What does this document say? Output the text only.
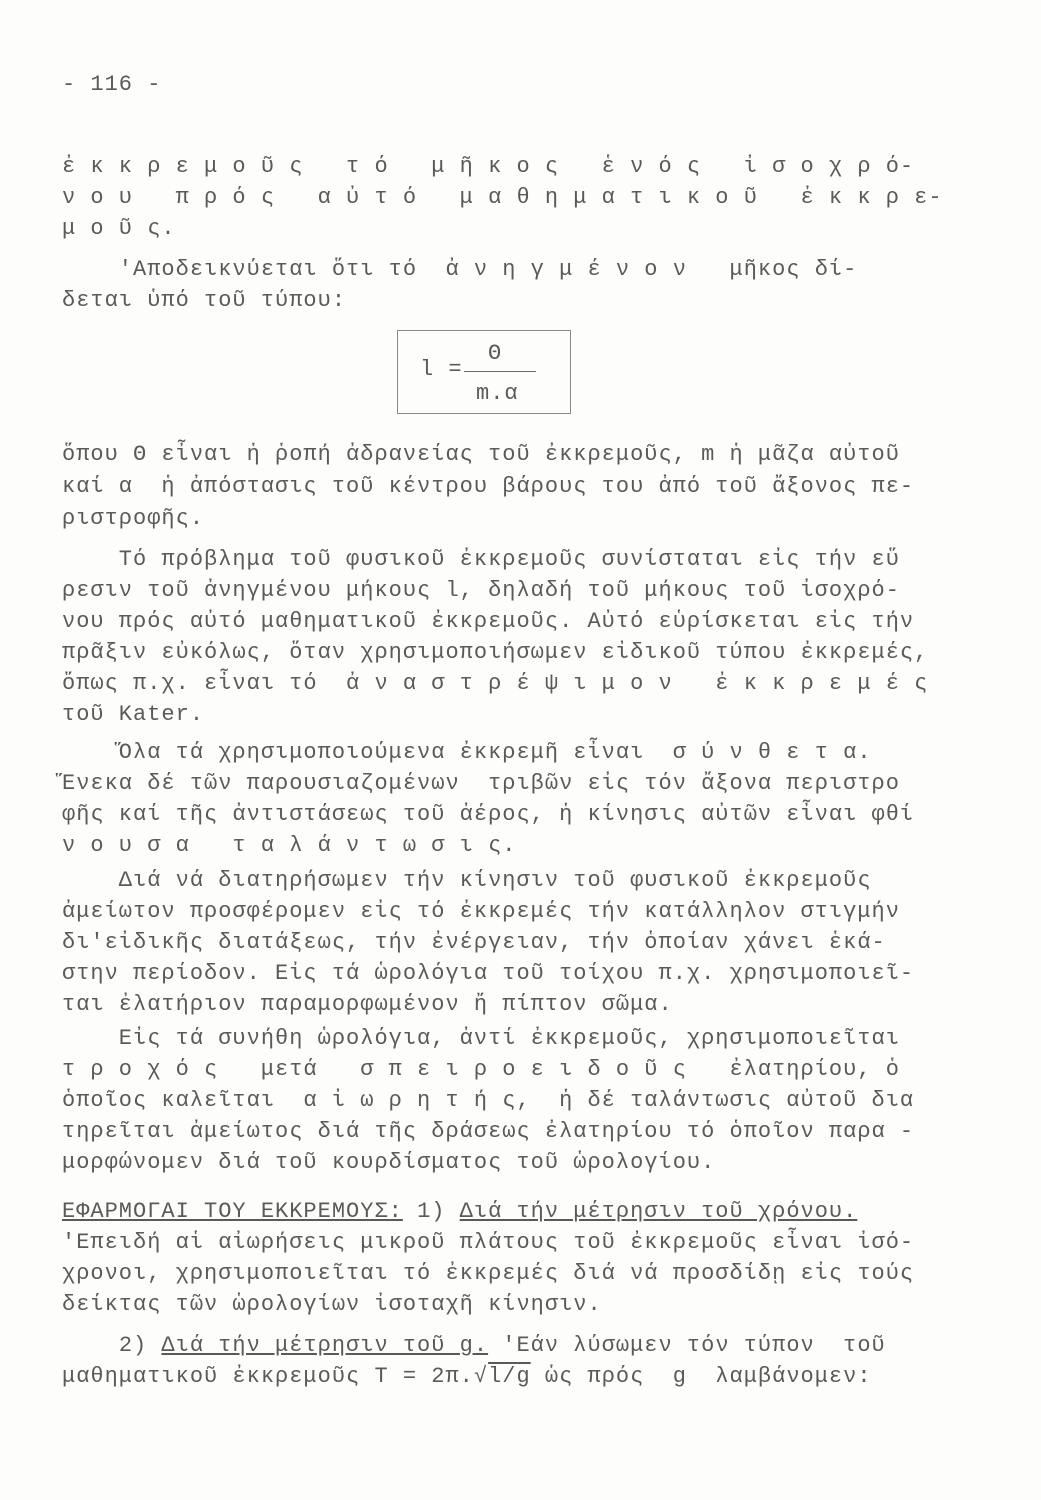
- 116 -
ἐ κ κ ρ ε μ ο ῦ ς   τ ό   μ ῆ κ ο ς   ἑ ν ό ς   ἰ σ ο χ ρ ό-
ν ο υ   π ρ ό ς   α ὐ τ ό   μ α θ η μ α τ ι κ ο ῦ   ἐ κ κ ρ ε-
μ ο ῦ ς.
'Αποδεικνύεται ὅτι τό  ἀ ν η γ μ έ ν ο ν   μῆκος δί-
δεται ὑπό τοῦ τύπου:
l =
Θ
m.α
ὅπου Θ εἶναι ἡ ῥοπή ἀδρανείας τοῦ ἐκκρεμοῦς, m ἡ μᾶζα αὐτοῦ
καί α  ἡ ἀπόστασις τοῦ κέντρου βάρους του ἀπό τοῦ ἄξονος πε-
ριστροφῆς.
Τό πρόβλημα τοῦ φυσικοῦ ἐκκρεμοῦς συνίσταται εἰς τήν εὕ
ρεσιν τοῦ ἀνηγμένου μήκους l, δηλαδή τοῦ μήκους τοῦ ἰσοχρό-
νου πρός αὐτό μαθηματικοῦ ἐκκρεμοῦς. Αὐτό εὑρίσκεται εἰς τήν
πρᾶξιν εὐκόλως, ὅταν χρησιμοποιήσωμεν εἰδικοῦ τύπου ἐκκρεμές,
ὅπως π.χ. εἶναι τό  ἀ ν α σ τ ρ έ ψ ι μ ο ν   ἐ κ κ ρ ε μ έ ς
τοῦ Kater.
Ὅλα τά χρησιμοποιούμενα ἐκκρεμῆ εἶναι  σ ύ ν θ ε τ α.
Ἕνεκα δέ τῶν παρουσιαζομένων  τριβῶν εἰς τόν ἄξονα περιστρο
φῆς καί τῆς ἀντιστάσεως τοῦ ἀέρος, ἡ κίνησις αὐτῶν εἶναι φθί
ν ο υ σ α   τ α λ ά ν τ ω σ ι ς.
Διά νά διατηρήσωμεν τήν κίνησιν τοῦ φυσικοῦ ἐκκρεμοῦς
ἀμείωτον προσφέρομεν εἰς τό ἐκκρεμές τήν κατάλληλον στιγμήν
δι'εἰδικῆς διατάξεως, τήν ἐνέργειαν, τήν ὁποίαν χάνει ἑκά-
στην περίοδον. Εἰς τά ὡρολόγια τοῦ τοίχου π.χ. χρησιμοποιεῖ-
ται ἐλατήριον παραμορφωμένον ἤ πίπτον σῶμα.
Εἰς τά συνήθη ὡρολόγια, ἀντί ἐκκρεμοῦς, χρησιμοποιεῖται
τ ρ ο χ ό ς   μετά   σ π ε ι ρ ο ε ι δ ο ῦ ς   ἐλατηρίου, ὁ
ὁποῖος καλεῖται  α ἰ ω ρ η τ ή ς,  ἡ δέ ταλάντωσις αὐτοῦ δια
τηρεῖται ἀμείωτος διά τῆς δράσεως ἐλατηρίου τό ὁποῖον παρα -
μορφώνομεν διά τοῦ κουρδίσματος τοῦ ὡρολογίου.
ΕΦΑΡΜΟΓΑΙ ΤΟΥ ΕΚΚΡΕΜΟΥΣ: 1) Διά τήν μέτρησιν τοῦ χρόνου.
'Επειδή αἱ αἰωρήσεις μικροῦ πλάτους τοῦ ἐκκρεμοῦς εἶναι ἰσό-
χρονοι, χρησιμοποιεῖται τό ἐκκρεμές διά νά προσδίδῃ εἰς τούς
δείκτας τῶν ὡρολογίων ἰσοταχῆ κίνησιν.
2) Διά τήν μέτρησιν τοῦ g. 'Εάν λύσωμεν τόν τύπον  τοῦ
μαθηματικοῦ ἐκκρεμοῦς T = 2π.√l/g ὡς πρός  g  λαμβάνομεν:
